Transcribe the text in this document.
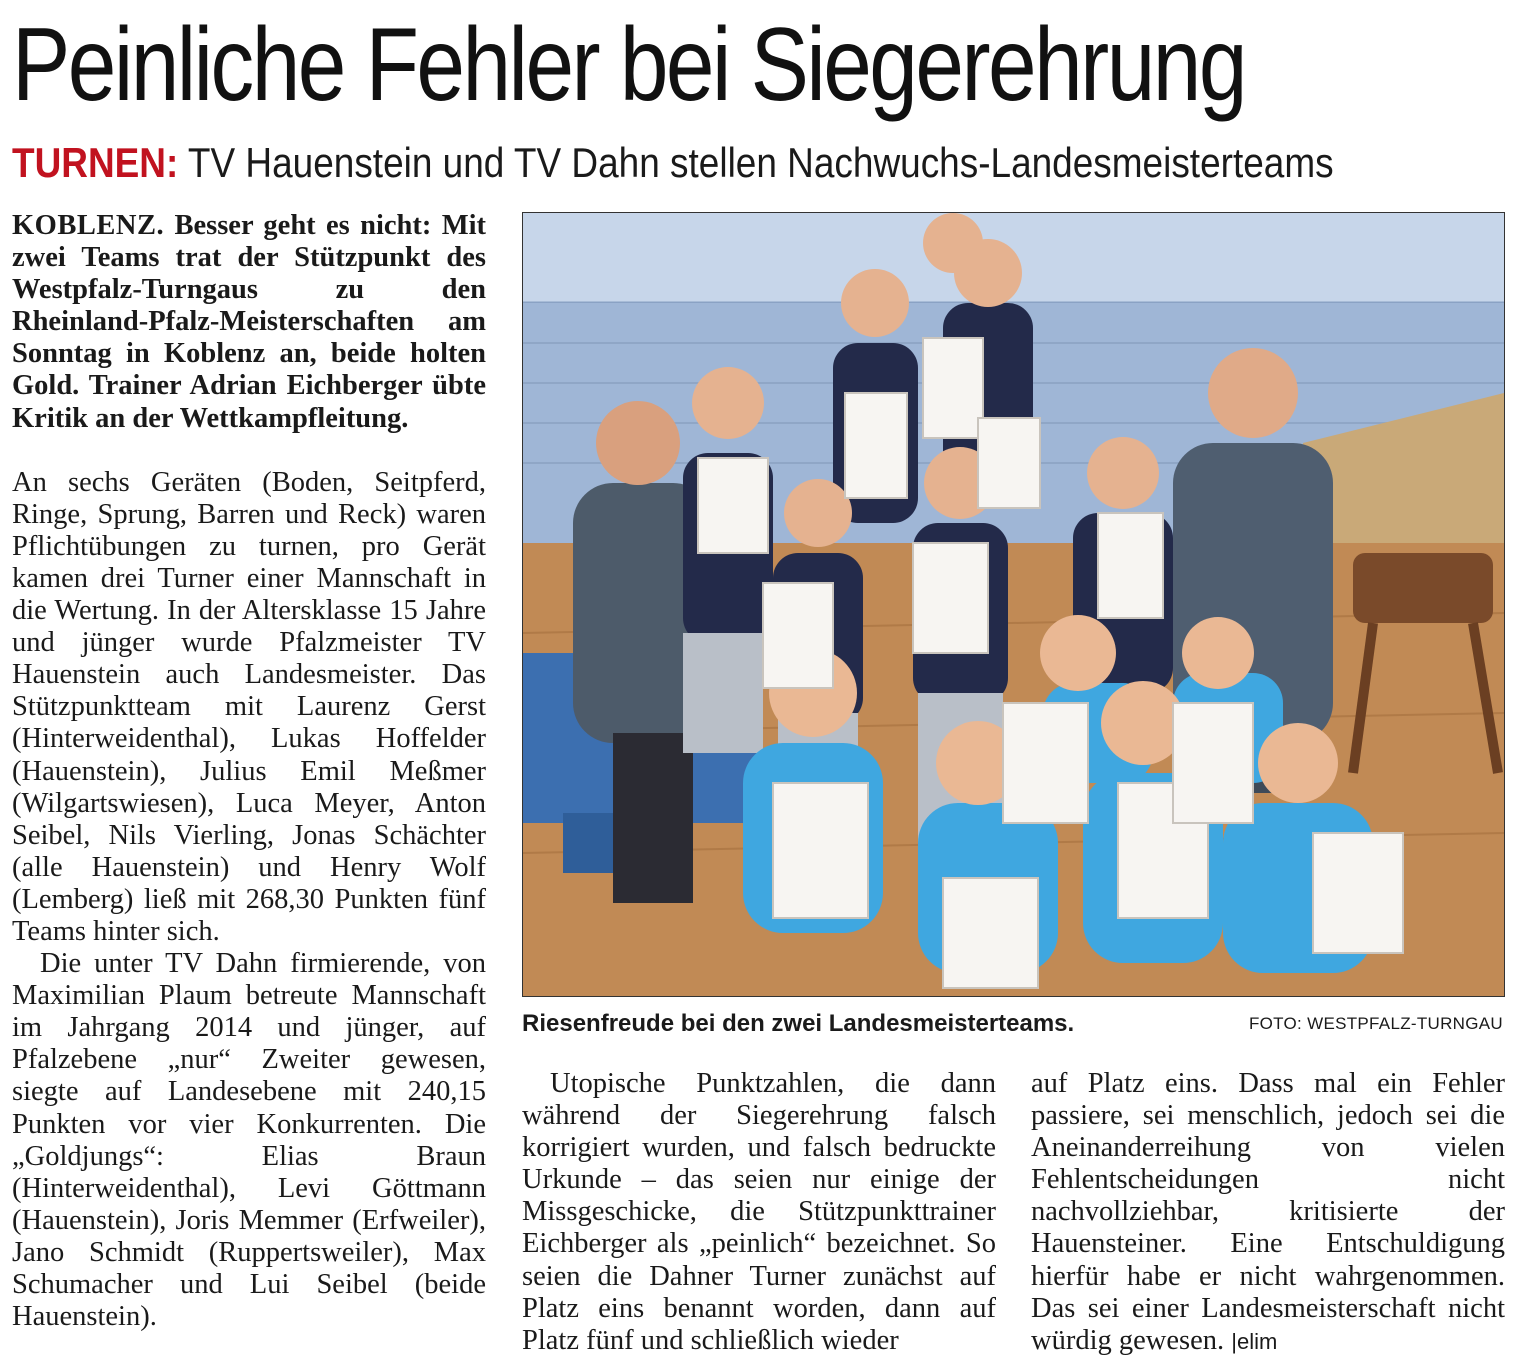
Peinliche Fehler bei Siegerehrung
TURNEN: TV Hauenstein und TV Dahn stellen Nachwuchs-Landesmeisterteams

KOBLENZ. Besser geht es nicht: Mit zwei Teams trat der Stützpunkt des Westpfalz-Turngaus zu den Rheinland-Pfalz-Meisterschaften am Sonntag in Koblenz an, beide holten Gold. Trainer Adrian Eichberger übte Kritik an der Wettkampfleitung.

An sechs Geräten (Boden, Seitpferd, Ringe, Sprung, Barren und Reck) waren Pflichtübungen zu turnen, pro Gerät kamen drei Turner einer Mannschaft in die Wertung. In der Altersklasse 15 Jahre und jünger wurde Pfalzmeister TV Hauenstein auch Landesmeister. Das Stützpunktteam mit Laurenz Gerst (Hinterweidenthal), Lukas Hoffelder (Hauenstein), Julius Emil Meßmer (Wilgartswiesen), Luca Meyer, Anton Seibel, Nils Vierling, Jonas Schächter (alle Hauenstein) und Henry Wolf (Lemberg) ließ mit 268,30 Punkten fünf Teams hinter sich.

Die unter TV Dahn firmierende, von Maximilian Plaum betreute Mannschaft im Jahrgang 2014 und jünger, auf Pfalzebene „nur“ Zweiter gewesen, siegte auf Landesebene mit 240,15 Punkten vor vier Konkurrenten. Die „Goldjungs“: Elias Braun (Hinterweidenthal), Levi Göttmann (Hauenstein), Joris Memmer (Erfweiler), Jano Schmidt (Ruppertsweiler), Max Schumacher und Lui Seibel (beide Hauenstein).

Riesenfreude bei den zwei Landesmeisterteams.	FOTO: WESTPFALZ-TURNGAU

Utopische Punktzahlen, die dann während der Siegerehrung falsch korrigiert wurden, und falsch bedruckte Urkunde – das seien nur einige der Missgeschicke, die Stützpunkttrainer Eichberger als „peinlich“ bezeichnet. So seien die Dahner Turner zunächst auf Platz eins benannt worden, dann auf Platz fünf und schließlich wieder

auf Platz eins. Dass mal ein Fehler passiere, sei menschlich, jedoch sei die Aneinanderreihung von vielen Fehlentscheidungen nicht nachvollziehbar, kritisierte der Hauensteiner. Eine Entschuldigung hierfür habe er nicht wahrgenommen. Das sei einer Landesmeisterschaft nicht würdig gewesen. |elim
